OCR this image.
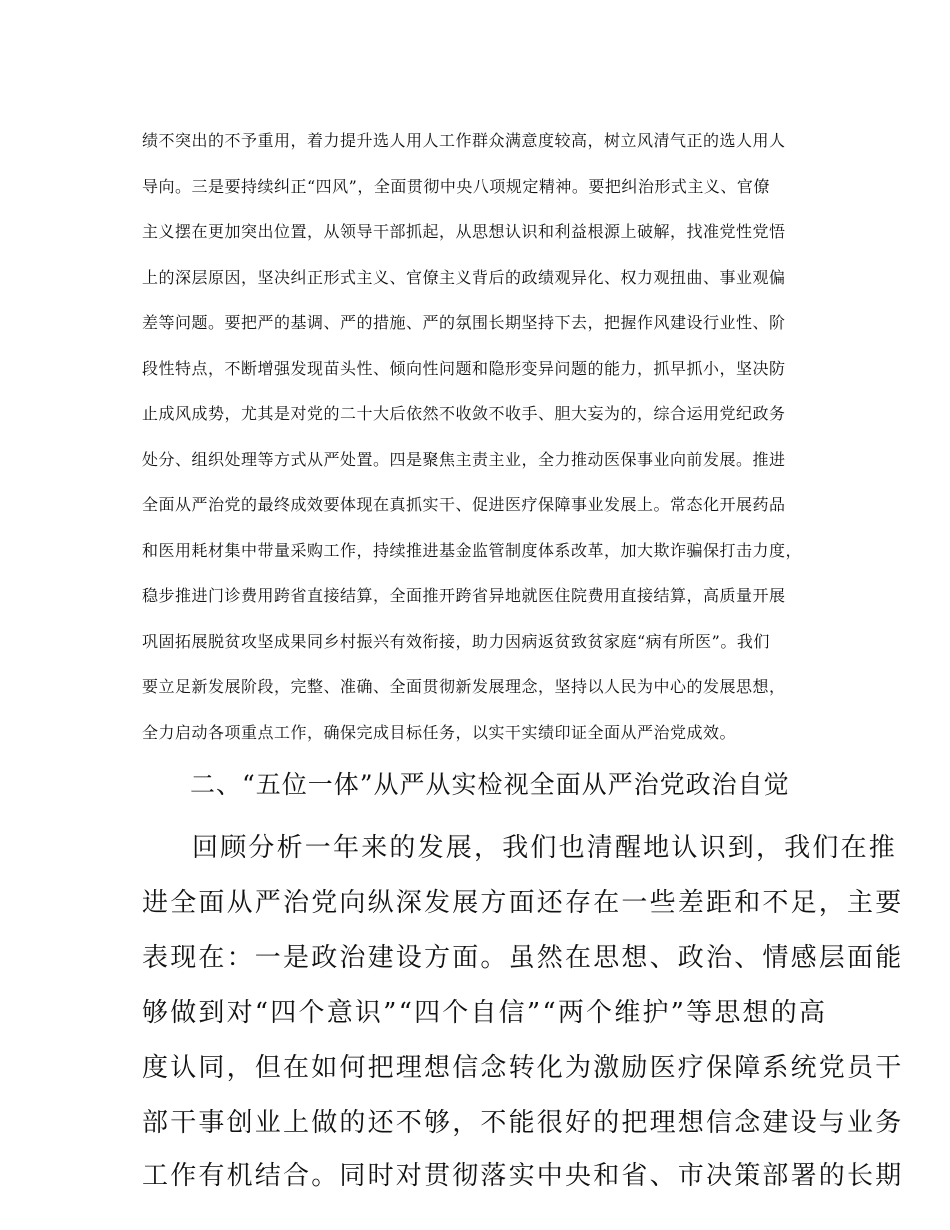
绩不突出的不予重用，着力提升选人用人工作群众满意度较高，树立风清气正的选人用人
导向。三是要持续纠正“四风”，全面贯彻中央八项规定精神。要把纠治形式主义、官僚
主义摆在更加突出位置，从领导干部抓起，从思想认识和利益根源上破解，找准党性党悟
上的深层原因，坚决纠正形式主义、官僚主义背后的政绩观异化、权力观扭曲、事业观偏
差等问题。要把严的基调、严的措施、严的氛围长期坚持下去，把握作风建设行业性、阶
段性特点，不断增强发现苗头性、倾向性问题和隐形变异问题的能力，抓早抓小，坚决防
止成风成势，尤其是对党的二十大后依然不收敛不收手、胆大妄为的，综合运用党纪政务
处分、组织处理等方式从严处置。四是聚焦主责主业，全力推动医保事业向前发展。推进
全面从严治党的最终成效要体现在真抓实干、促进医疗保障事业发展上。常态化开展药品
和医用耗材集中带量采购工作，持续推进基金监管制度体系改革，加大欺诈骗保打击力度，
稳步推进门诊费用跨省直接结算，全面推开跨省异地就医住院费用直接结算，高质量开展
巩固拓展脱贫攻坚成果同乡村振兴有效衔接，助力因病返贫致贫家庭“病有所医”。我们
要立足新发展阶段，完整、准确、全面贯彻新发展理念，坚持以人民为中心的发展思想，
全力启动各项重点工作，确保完成目标任务，以实干实绩印证全面从严治党成效。
二、“五位一体”从严从实检视全面从严治党政治自觉
回顾分析一年来的发展，我们也清醒地认识到，我们在推
进全面从严治党向纵深发展方面还存在一些差距和不足，主要
表现在：一是政治建设方面。虽然在思想、政治、情感层面能
够做到对“四个意识”“四个自信”“两个维护”等思想的高
度认同，但在如何把理想信念转化为激励医疗保障系统党员干
部干事创业上做的还不够，不能很好的把理想信念建设与业务
工作有机结合。同时对贯彻落实中央和省、市决策部署的长期
